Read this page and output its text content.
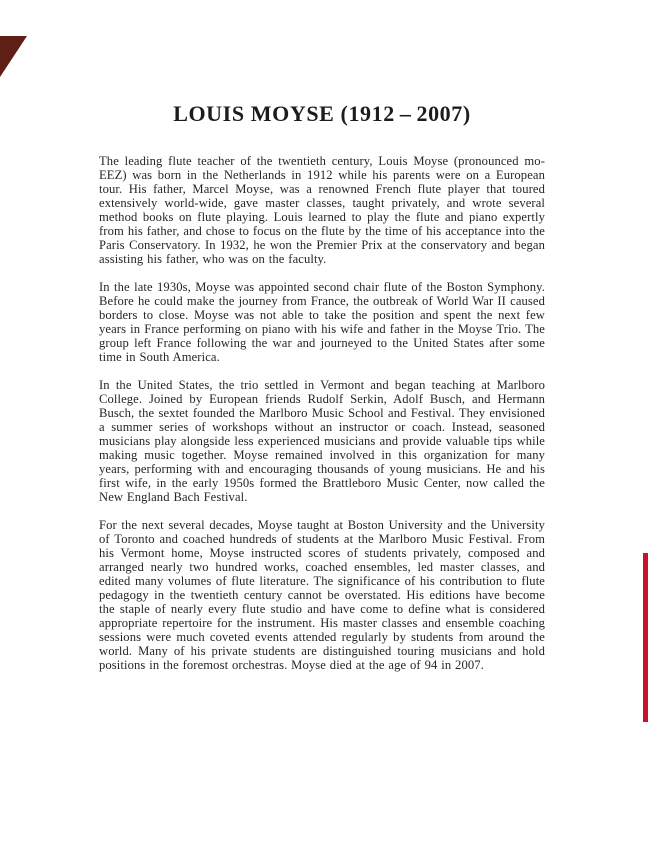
LOUIS MOYSE (1912 – 2007)

The leading flute teacher of the twentieth century, Louis Moyse (pronounced mo-EEZ) was born in the Netherlands in 1912 while his parents were on a European tour. His father, Marcel Moyse, was a renowned French flute player that toured extensively world-wide, gave master classes, taught privately, and wrote several method books on flute playing. Louis learned to play the flute and piano expertly from his father, and chose to focus on the flute by the time of his acceptance into the Paris Conservatory. In 1932, he won the Premier Prix at the conservatory and began assisting his father, who was on the faculty.

In the late 1930s, Moyse was appointed second chair flute of the Boston Symphony. Before he could make the journey from France, the outbreak of World War II caused borders to close. Moyse was not able to take the position and spent the next few years in France performing on piano with his wife and father in the Moyse Trio. The group left France following the war and journeyed to the United States after some time in South America.

In the United States, the trio settled in Vermont and began teaching at Marlboro College. Joined by European friends Rudolf Serkin, Adolf Busch, and Hermann Busch, the sextet founded the Marlboro Music School and Festival. They envisioned a summer series of workshops without an instructor or coach. Instead, seasoned musicians play alongside less experienced musicians and provide valuable tips while making music together. Moyse remained involved in this organization for many years, performing with and encouraging thousands of young musicians. He and his first wife, in the early 1950s formed the Brattleboro Music Center, now called the New England Bach Festival.

For the next several decades, Moyse taught at Boston University and the University of Toronto and coached hundreds of students at the Marlboro Music Festival. From his Vermont home, Moyse instructed scores of students privately, composed and arranged nearly two hundred works, coached ensembles, led master classes, and edited many volumes of flute literature. The significance of his contribution to flute pedagogy in the twentieth century cannot be overstated. His editions have become the staple of nearly every flute studio and have come to define what is considered appropriate repertoire for the instrument. His master classes and ensemble coaching sessions were much coveted events attended regularly by students from around the world. Many of his private students are distinguished touring musicians and hold positions in the foremost orchestras. Moyse died at the age of 94 in 2007.
